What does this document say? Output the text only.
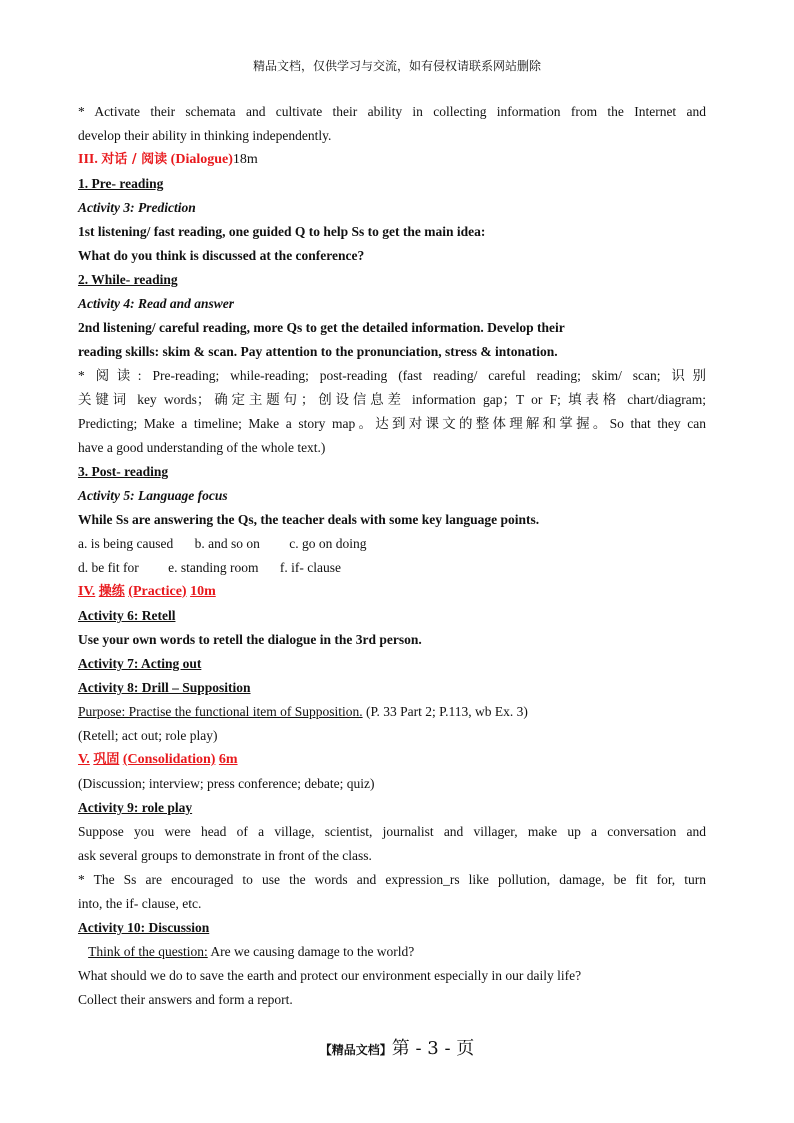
精品文档，仅供学习与交流，如有侵权请联系网站删除
* Activate their schemata and cultivate their ability in collecting information from the Internet and
develop their ability in thinking independently.
III. 对话 / 阅读 (Dialogue)18m
1. Pre- reading
Activity 3: Prediction
1st listening/ fast reading, one guided Q to help Ss to get the main idea:
What do you think is discussed at the conference?
2. While- reading
Activity 4: Read and answer
2nd listening/ careful reading, more Qs to get the detailed information. Develop their
reading skills: skim & scan. Pay attention to the pronunciation, stress & intonation.
* 阅读: Pre-reading; while-reading; post-reading (fast reading/ careful reading; skim/ scan; 识别
关键词 key words；确定主题句；创设信息差 information gap；T or F; 填表格 chart/diagram;
Predicting; Make a timeline; Make a story map。达到对课文的整体理解和掌握。So that they can
have a good understanding of the whole text.)
3. Post- reading
Activity 5: Language focus
While Ss are answering the Qs, the teacher deals with some key language points.
a. is being caused b. and so on c. go on doing
d. be fit for e. standing room f. if- clause
IV. 操练 (Practice) 10m
Activity 6: Retell
Use your own words to retell the dialogue in the 3rd person.
Activity 7: Acting out
Activity 8: Drill – Supposition
Purpose: Practise the functional item of Supposition. (P. 33 Part 2; P.113, wb Ex. 3)
(Retell; act out; role play)
V. 巩固 (Consolidation) 6m
(Discussion; interview; press conference; debate; quiz)
Activity 9: role play
Suppose you were head of a village, scientist, journalist and villager, make up a conversation and
ask several groups to demonstrate in front of the class.
* The Ss are encouraged to use the words and expression_rs like pollution, damage, be fit for, turn
into, the if- clause, etc.
Activity 10: Discussion
Think of the question: Are we causing damage to the world?
What should we do to save the earth and protect our environment especially in our daily life?
Collect their answers and form a report.
【精品文档】第 - 3 - 页
